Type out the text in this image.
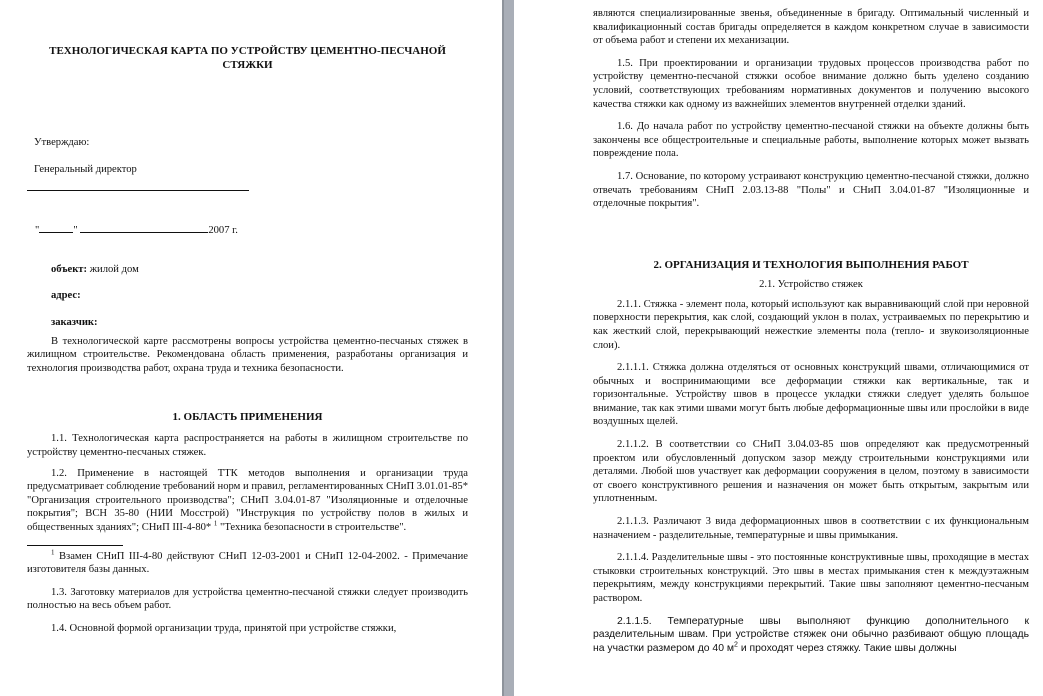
ТЕХНОЛОГИЧЕСКАЯ КАРТА ПО УСТРОЙСТВУ ЦЕМЕНТНО-ПЕСЧАНОЙ СТЯЖКИ

Утверждаю:

Генеральный директор

"	"	2007 г.

объект: жилой дом

адрес:

заказчик:

В технологической карте рассмотрены вопросы устройства цементно-песчаных стяжек в жилищном строительстве. Рекомендована область применения, разработаны организация и технология производства работ, охрана труда и техника безопасности.

1. ОБЛАСТЬ ПРИМЕНЕНИЯ

1.1. Технологическая карта распространяется на работы в жилищном строительстве по устройству цементно-песчаных стяжек.

1.2. Применение в настоящей ТТК методов выполнения и организации труда предусматривает соблюдение требований норм и правил, регламентированных СНиП 3.01.01-85* "Организация строительного производства"; СНиП 3.04.01-87 "Изоляционные и отделочные покрытия"; ВСН 35-80 (НИИ Мосстрой) "Инструкция по устройству полов в жилых и общественных зданиях"; СНиП III-4-80* $^1$ "Техника безопасности в строительстве".

$^1$ Взамен СНиП III-4-80 действуют СНиП 12-03-2001 и СНиП 12-04-2002. - Примечание изготовителя базы данных.

1.3. Заготовку материалов для устройства цементно-песчаной стяжки следует производить полностью на весь объем работ.

1.4. Основной формой организации труда, принятой при устройстве стяжки,

являются специализированные звенья, объединенные в бригаду. Оптимальный численный и квалификационный состав бригады определяется в каждом конкретном случае в зависимости от объема работ и степени их механизации.

1.5. При проектировании и организации трудовых процессов производства работ по устройству цементно-песчаной стяжки особое внимание должно быть уделено созданию условий, соответствующих требованиям нормативных документов и получению высокого качества стяжки как одному из важнейших элементов внутренней отделки зданий.

1.6. До начала работ по устройству цементно-песчаной стяжки на объекте должны быть закончены все общестроительные и специальные работы, выполнение которых может вызвать повреждение пола.

1.7. Основание, по которому устраивают конструкцию цементно-песчаной стяжки, должно отвечать требованиям СНиП 2.03.13-88 "Полы" и СНиП 3.04.01-87 "Изоляционные и отделочные покрытия".

2. ОРГАНИЗАЦИЯ И ТЕХНОЛОГИЯ ВЫПОЛНЕНИЯ РАБОТ

2.1. Устройство стяжек

2.1.1. Стяжка - элемент пола, который используют как выравнивающий слой при неровной поверхности перекрытия, как слой, создающий уклон в полах, устраиваемых по перекрытию и как жесткий слой, перекрывающий нежесткие элементы пола (тепло- и звукоизоляционные слои).

2.1.1.1. Стяжка должна отделяться от основных конструкций швами, отличающимися от обычных и воспринимающими все деформации стяжки как вертикальные, так и горизонтальные. Устройству швов в процессе укладки стяжки следует уделять большое внимание, так как этими швами могут быть любые деформационные швы или прослойки в виде воздушных щелей.

2.1.1.2. В соответствии со СНиП 3.04.03-85 шов определяют как предусмотренный проектом или обусловленный допуском зазор между строительными конструкциями или деталями. Любой шов участвует как деформации сооружения в целом, поэтому в зависимости от своего конструктивного решения и назначения он может быть открытым, закрытым или уплотненным.

2.1.1.3. Различают 3 вида деформационных швов в соответствии с их функциональным назначением - разделительные, температурные и швы примыкания.

2.1.1.4. Разделительные швы - это постоянные конструктивные швы, проходящие в местах стыковки строительных конструкций. Это швы в местах примыкания стен к междуэтажным перекрытиям, между конструкциями перекрытий. Такие швы заполняют цементно-песчаным раствором.

2.1.1.5. Температурные швы выполняют функцию дополнительного к разделительным швам. При устройстве стяжек они обычно разбивают общую площадь на участки размером до 40 $м^2$ и проходят через стяжку. Такие швы должны
